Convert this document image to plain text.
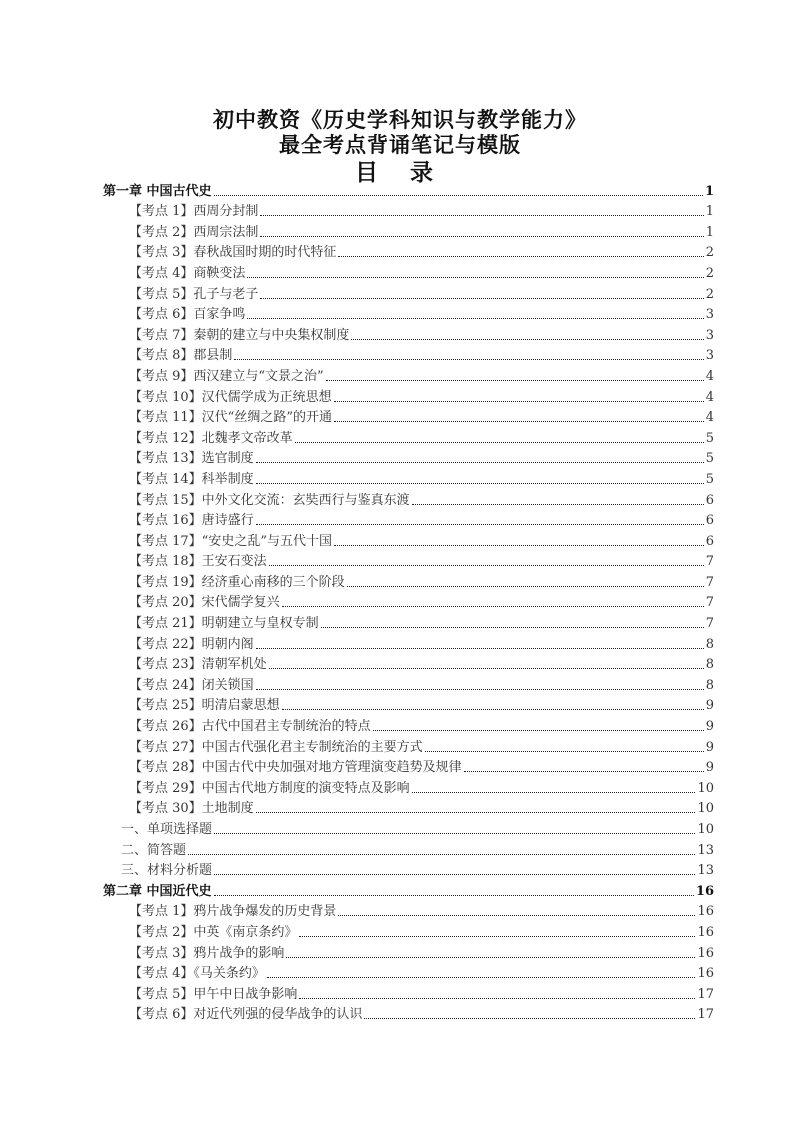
初中教资《历史学科知识与教学能力》
最全考点背诵笔记与模版
目 录
第一章 中国古代史	1
【考点 1】西周分封制	1
【考点 2】西周宗法制	1
【考点 3】春秋战国时期的时代特征	2
【考点 4】商鞅变法	2
【考点 5】孔子与老子	2
【考点 6】百家争鸣	3
【考点 7】秦朝的建立与中央集权制度	3
【考点 8】郡县制	3
【考点 9】西汉建立与“文景之治”	4
【考点 10】汉代儒学成为正统思想	4
【考点 11】汉代“丝绸之路”的开通	4
【考点 12】北魏孝文帝改革	5
【考点 13】选官制度	5
【考点 14】科举制度	5
【考点 15】中外文化交流：玄奘西行与鉴真东渡	6
【考点 16】唐诗盛行	6
【考点 17】“安史之乱”与五代十国	6
【考点 18】王安石变法	7
【考点 19】经济重心南移的三个阶段	7
【考点 20】宋代儒学复兴	7
【考点 21】明朝建立与皇权专制	7
【考点 22】明朝内阁	8
【考点 23】清朝军机处	8
【考点 24】闭关锁国	8
【考点 25】明清启蒙思想	9
【考点 26】古代中国君主专制统治的特点	9
【考点 27】中国古代强化君主专制统治的主要方式	9
【考点 28】中国古代中央加强对地方管理演变趋势及规律	9
【考点 29】中国古代地方制度的演变特点及影响	10
【考点 30】土地制度	10
一、单项选择题	10
二、简答题	13
三、材料分析题	13
第二章 中国近代史	16
【考点 1】鸦片战争爆发的历史背景	16
【考点 2】中英《南京条约》	16
【考点 3】鸦片战争的影响	16
【考点 4】《马关条约》	16
【考点 5】甲午中日战争影响	17
【考点 6】对近代列强的侵华战争的认识	17
